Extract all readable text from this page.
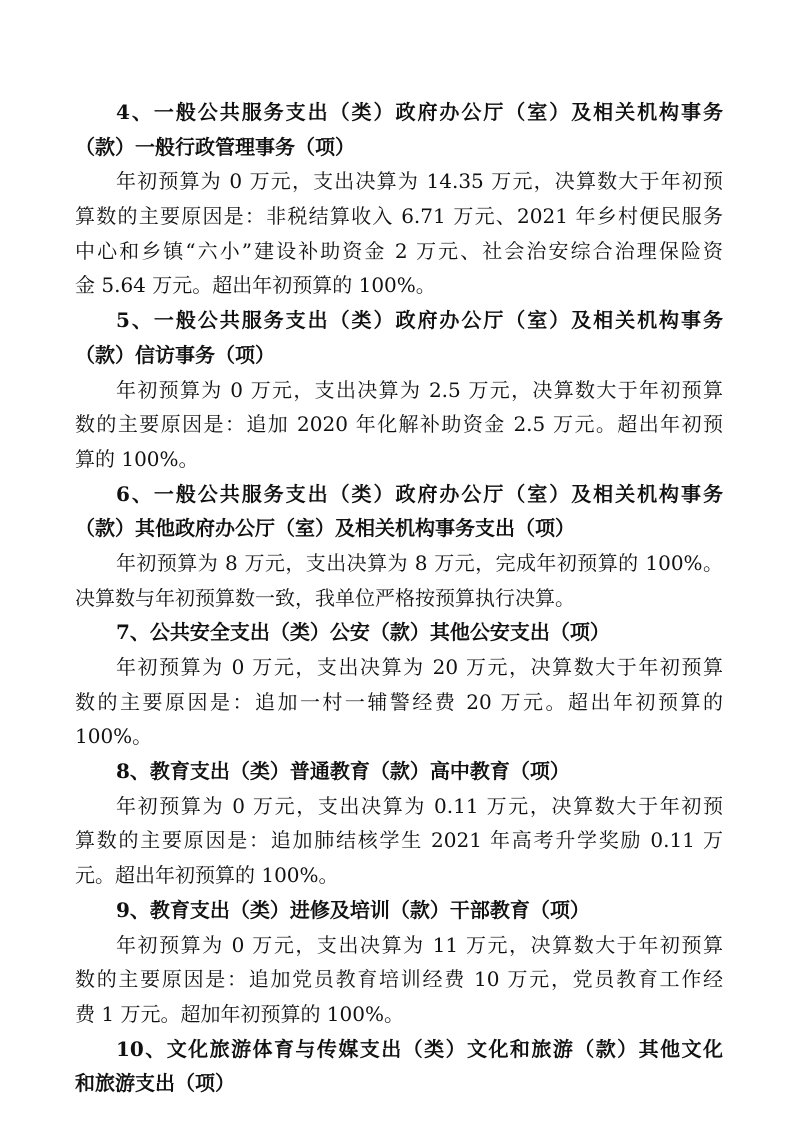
4、一般公共服务支出（类）政府办公厅（室）及相关机构事务
（款）一般行政管理事务（项）
年初预算为 0 万元，支出决算为 14.35 万元，决算数大于年初预
算数的主要原因是：非税结算收入 6.71 万元、2021 年乡村便民服务
中心和乡镇“六小”建设补助资金 2 万元、社会治安综合治理保险资
金 5.64 万元。超出年初预算的 100%。
5、一般公共服务支出（类）政府办公厅（室）及相关机构事务
（款）信访事务（项）
年初预算为 0 万元，支出决算为 2.5 万元，决算数大于年初预算
数的主要原因是：追加 2020 年化解补助资金 2.5 万元。超出年初预
算的 100%。
6、一般公共服务支出（类）政府办公厅（室）及相关机构事务
（款）其他政府办公厅（室）及相关机构事务支出（项）
年初预算为 8 万元，支出决算为 8 万元，完成年初预算的 100%。
决算数与年初预算数一致，我单位严格按预算执行决算。
7、公共安全支出（类）公安（款）其他公安支出（项）
年初预算为 0 万元，支出决算为 20 万元，决算数大于年初预算
数的主要原因是：追加一村一辅警经费 20 万元。超出年初预算的
100%。
8、教育支出（类）普通教育（款）高中教育（项）
年初预算为 0 万元，支出决算为 0.11 万元，决算数大于年初预
算数的主要原因是：追加肺结核学生 2021 年高考升学奖励 0.11 万
元。超出年初预算的 100%。
9、教育支出（类）进修及培训（款）干部教育（项）
年初预算为 0 万元，支出决算为 11 万元，决算数大于年初预算
数的主要原因是：追加党员教育培训经费 10 万元，党员教育工作经
费 1 万元。超加年初预算的 100%。
10、文化旅游体育与传媒支出（类）文化和旅游（款）其他文化
和旅游支出（项）
